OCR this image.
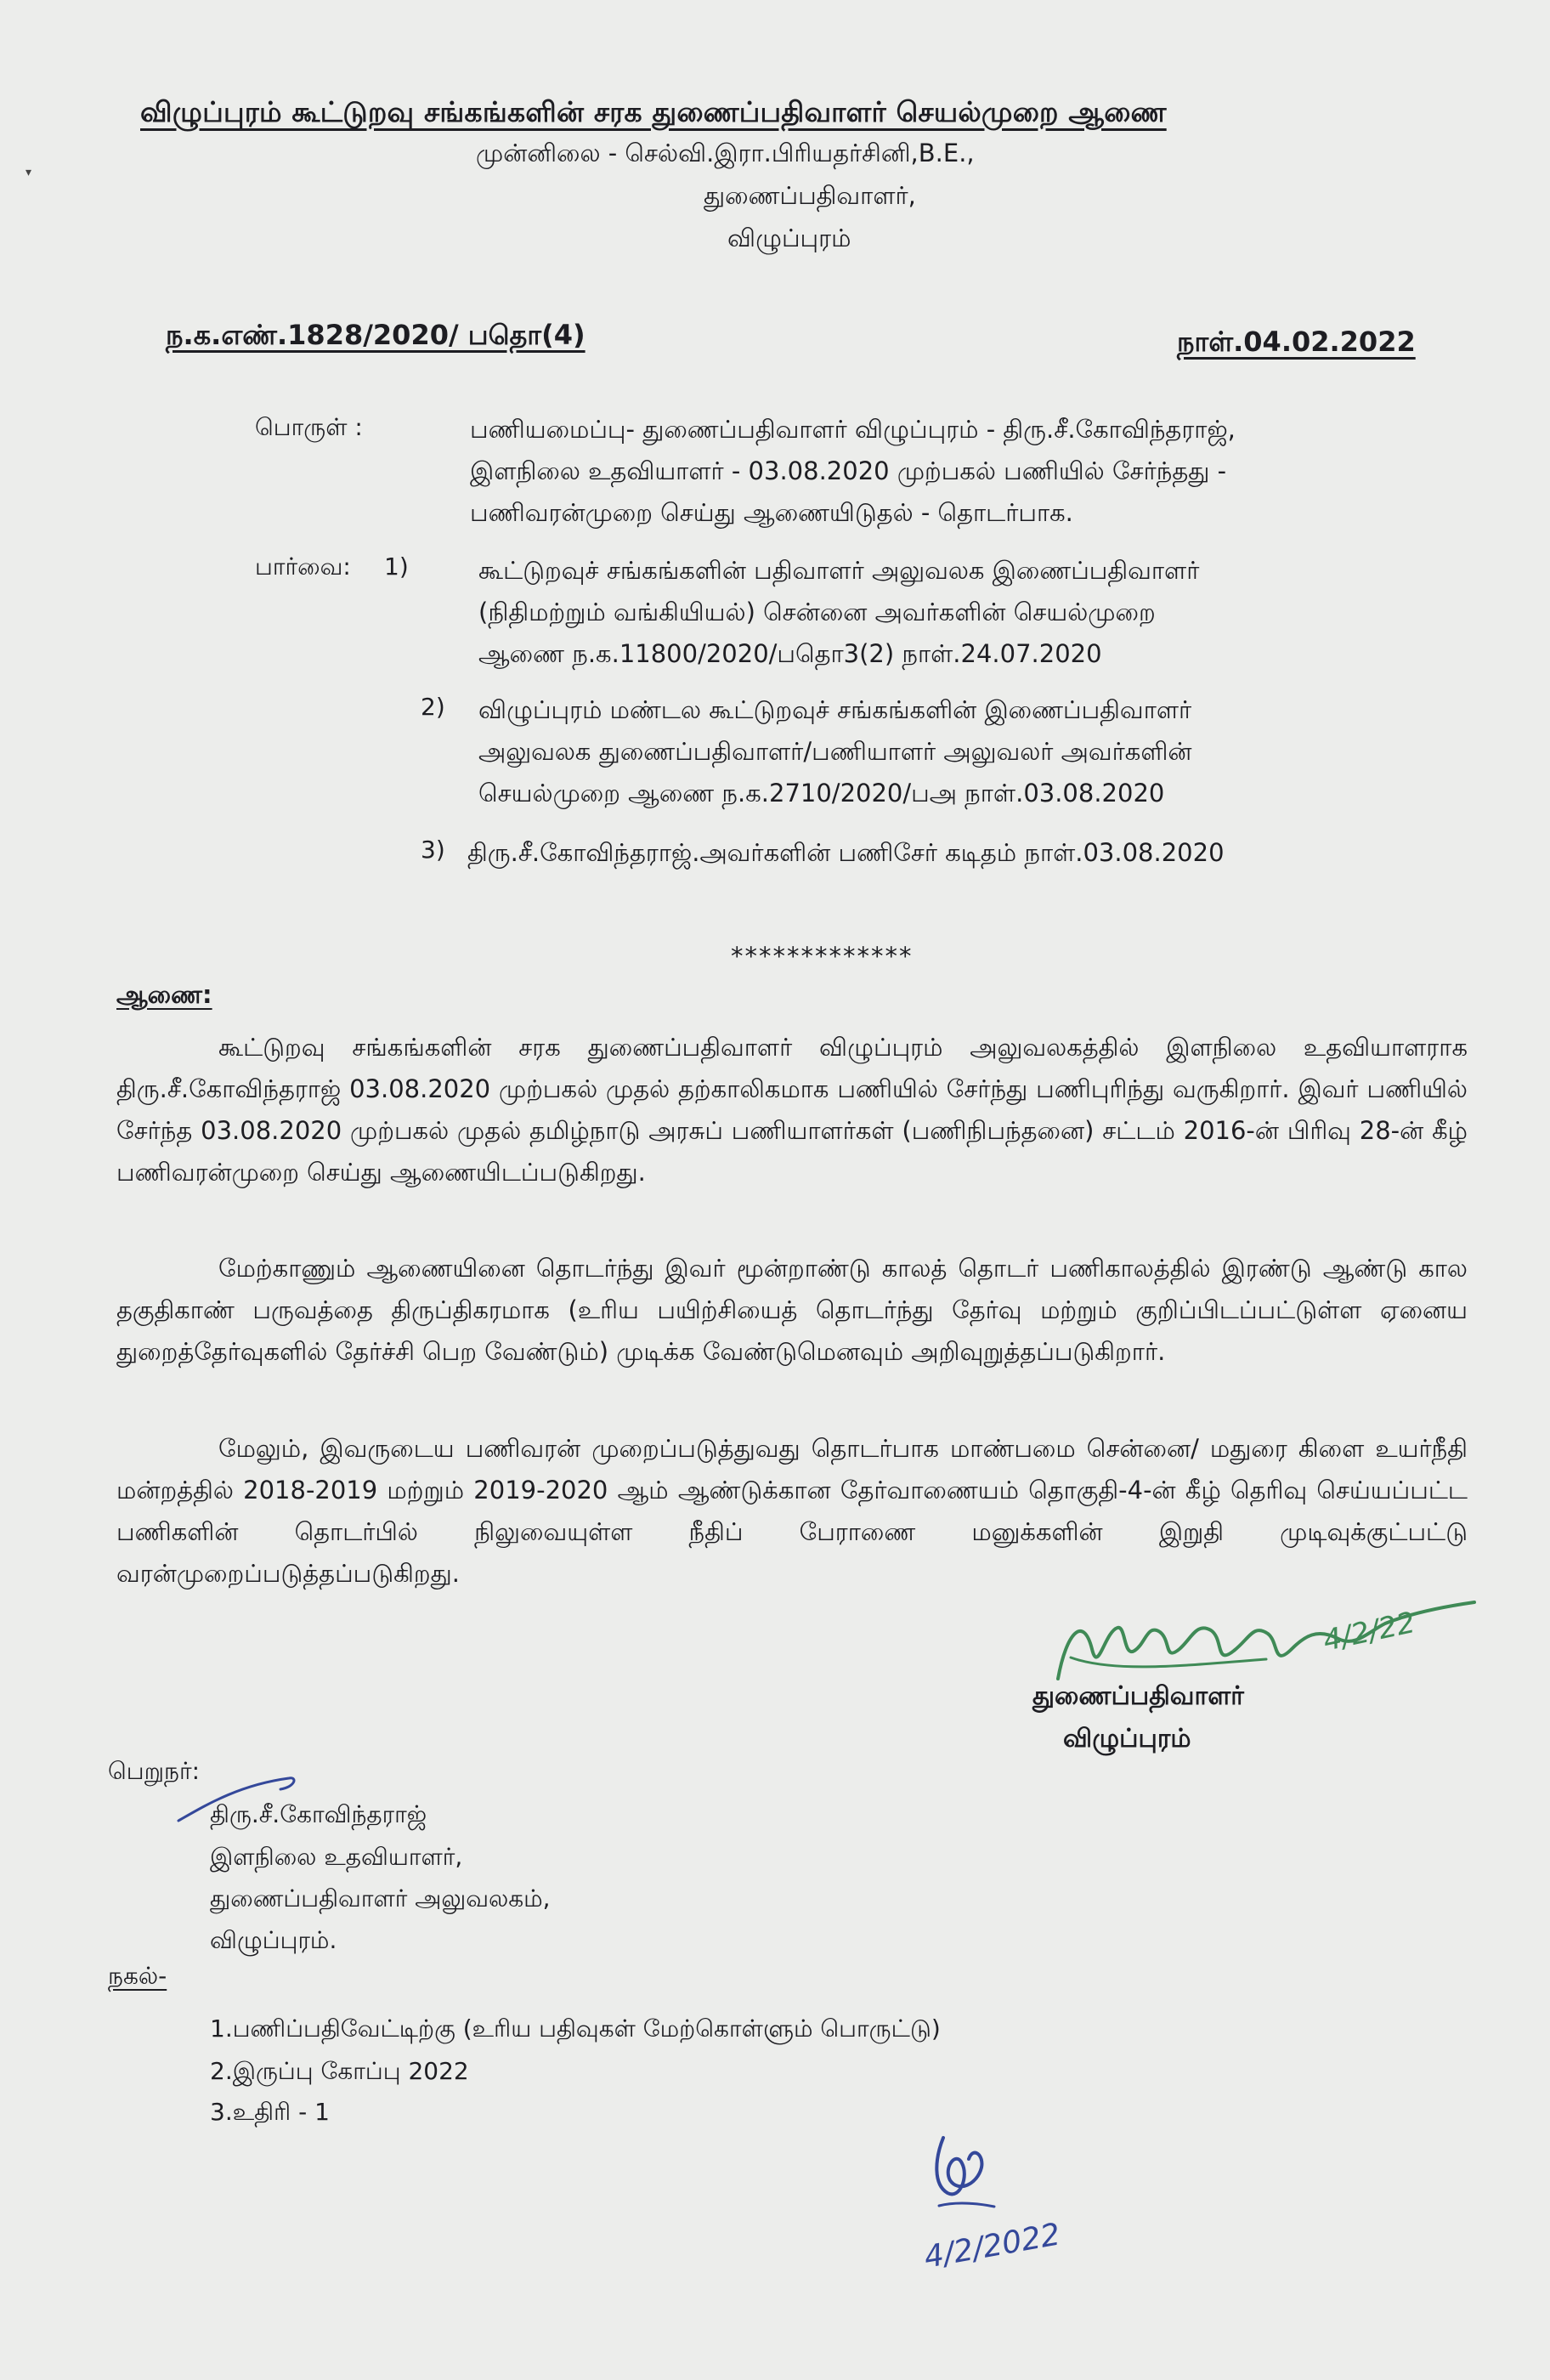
விழுப்புரம் கூட்டுறவு சங்கங்களின் சரக துணைப்பதிவாளர் செயல்முறை ஆணை
▾
முன்னிலை - செல்வி.இரா.பிரியதர்சினி,B.E.,
துணைப்பதிவாளர்,
விழுப்புரம்
ந.க.எண்.1828/2020/ பதொ(4)	நாள்.04.02.2022
பொருள் :	பணியமைப்பு- துணைப்பதிவாளர் விழுப்புரம் - திரு.சீ.கோவிந்தராஜ்,
இளநிலை உதவியாளர் - 03.08.2020 முற்பகல் பணியில் சேர்ந்தது -
பணிவரன்முறை செய்து ஆணையிடுதல் - தொடர்பாக.
பார்வை: 1)	கூட்டுறவுச் சங்கங்களின் பதிவாளர் அலுவலக இணைப்பதிவாளர்
(நிதிமற்றும் வங்கியியல்) சென்னை அவர்களின் செயல்முறை
ஆணை ந.க.11800/2020/பதொ3(2) நாள்.24.07.2020
2) விழுப்புரம் மண்டல கூட்டுறவுச் சங்கங்களின் இணைப்பதிவாளர்
அலுவலக துணைப்பதிவாளர்/பணியாளர் அலுவலர் அவர்களின்
செயல்முறை ஆணை ந.க.2710/2020/பஅ நாள்.03.08.2020
3) திரு.சீ.கோவிந்தராஜ்.அவர்களின் பணிசேர் கடிதம் நாள்.03.08.2020
*************
ஆணை:
கூட்டுறவு சங்கங்களின் சரக துணைப்பதிவாளர் விழுப்புரம் அலுவலகத்தில் இளநிலை உதவியாளராக திரு.சீ.கோவிந்தராஜ் 03.08.2020 முற்பகல் முதல் தற்காலிகமாக பணியில் சேர்ந்து பணிபுரிந்து வருகிறார். இவர் பணியில் சேர்ந்த 03.08.2020 முற்பகல் முதல் தமிழ்நாடு அரசுப் பணியாளர்கள் (பணிநிபந்தனை) சட்டம் 2016-ன் பிரிவு 28-ன் கீழ் பணிவரன்முறை செய்து ஆணையிடப்படுகிறது.
மேற்காணும் ஆணையினை தொடர்ந்து இவர் மூன்றாண்டு காலத் தொடர் பணிகாலத்தில் இரண்டு ஆண்டு கால தகுதிகாண் பருவத்தை திருப்திகரமாக (உரிய பயிற்சியைத் தொடர்ந்து தேர்வு மற்றும் குறிப்பிடப்பட்டுள்ள ஏனைய துறைத்தேர்வுகளில் தேர்ச்சி பெற வேண்டும்) முடிக்க வேண்டுமெனவும் அறிவுறுத்தப்படுகிறார்.
மேலும், இவருடைய பணிவரன் முறைப்படுத்துவது தொடர்பாக மாண்பமை சென்னை/ மதுரை கிளை உயர்நீதி மன்றத்தில் 2018-2019 மற்றும் 2019-2020 ஆம் ஆண்டுக்கான தேர்வாணையம் தொகுதி-4-ன் கீழ் தெரிவு செய்யப்பட்ட பணிகளின் தொடர்பில் நிலுவையுள்ள நீதிப் பேராணை மனுக்களின் இறுதி முடிவுக்குட்பட்டு வரன்முறைப்படுத்தப்படுகிறது.
4/2/22
துணைப்பதிவாளர்
விழுப்புரம்
பெறுநர்:
திரு.சீ.கோவிந்தராஜ்
இளநிலை உதவியாளர்,
துணைப்பதிவாளர் அலுவலகம்,
விழுப்புரம்.
நகல்-
1.பணிப்பதிவேட்டிற்கு (உரிய பதிவுகள் மேற்கொள்ளும் பொருட்டு)
2.இருப்பு கோப்பு 2022
3.உதிரி - 1
4/2/2022
